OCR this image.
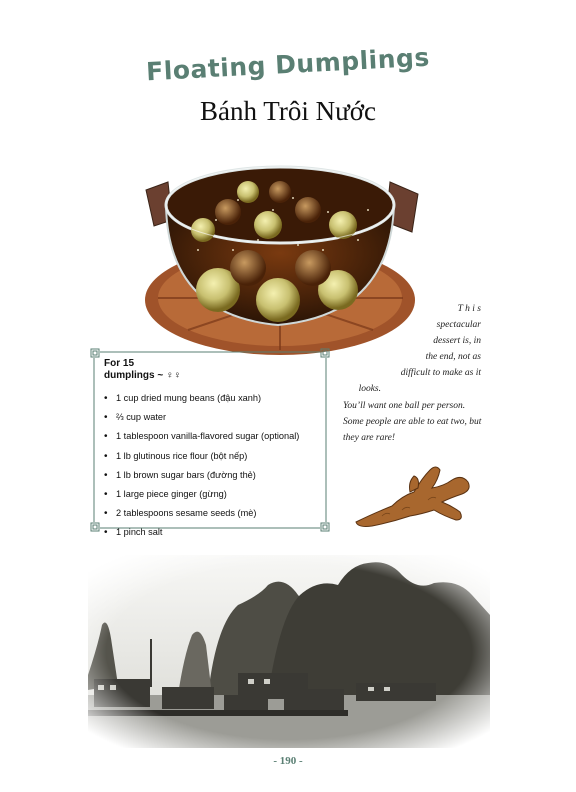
Floating Dumplings
Bánh Trôi Nước

T h i s

spectacular

dessert is, in

the end, not as

difficult to make as it

looks.

You’ll want one ball per person. Some people are able to eat two, but they are rare!
For 15
dumplings ~ ♀♀
• 1 cup dried mung beans (đậu xanh)
• ⅔ cup water
• 1 tablespoon vanilla-flavored sugar (optional)
• 1 lb glutinous rice flour (bột nếp)
• 1 lb brown sugar bars (đường thẻ)
• 1 large piece ginger (gừng)
• 2 tablespoons sesame seeds (mè)
• 1 pinch salt
- 190 -
